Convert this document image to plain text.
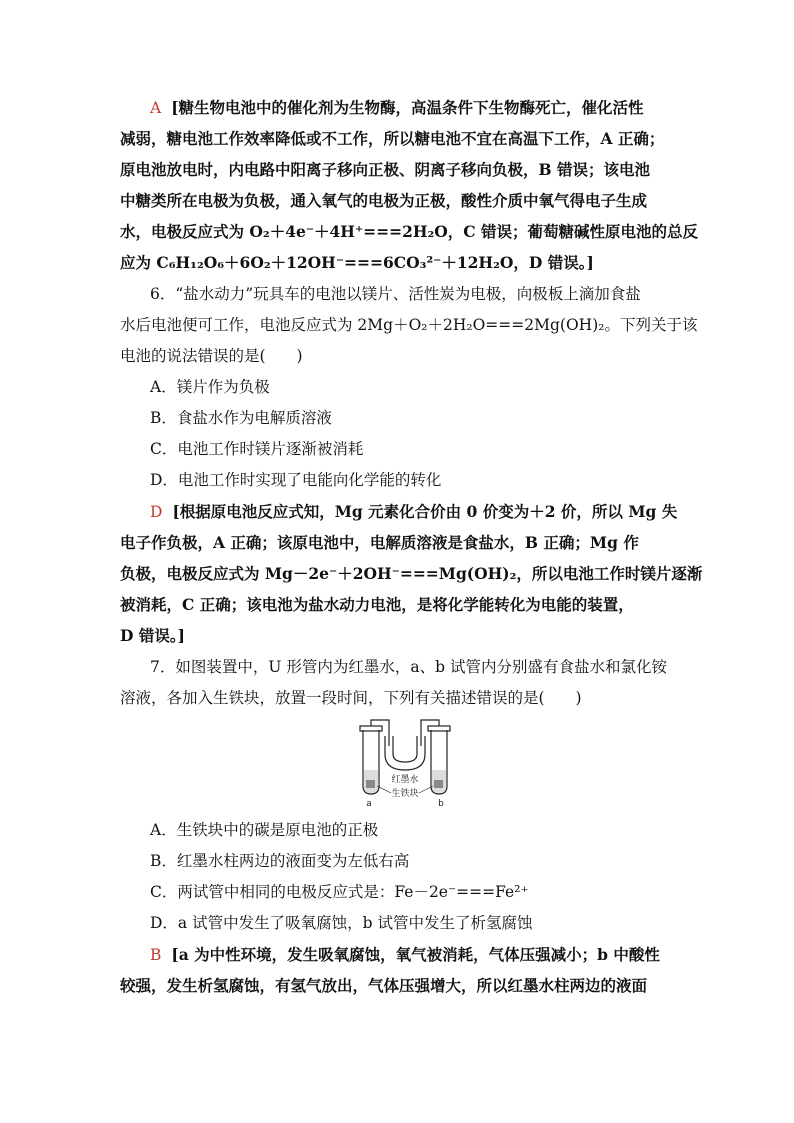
A [糖生物电池中的催化剂为生物酶，高温条件下生物酶死亡，催化活性
减弱，糖电池工作效率降低或不工作，所以糖电池不宜在高温下工作，A 正确；
原电池放电时，内电路中阳离子移向正极、阴离子移向负极，B 错误；该电池
中糖类所在电极为负极，通入氧气的电极为正极，酸性介质中氧气得电子生成
水，电极反应式为 O₂＋4e⁻＋4H⁺===2H₂O，C 错误；葡萄糖碱性原电池的总反
应为 C₆H₁₂O₆＋6O₂＋12OH⁻===6CO₃²⁻＋12H₂O，D 错误。]
6．“盐水动力”玩具车的电池以镁片、活性炭为电极，向极板上滴加食盐
水后电池便可工作，电池反应式为 2Mg＋O₂＋2H₂O===2Mg(OH)₂。下列关于该
电池的说法错误的是(　　)
A．镁片作为负极
B．食盐水作为电解质溶液
C．电池工作时镁片逐渐被消耗
D．电池工作时实现了电能向化学能的转化
D [根据原电池反应式知，Mg 元素化合价由 0 价变为＋2 价，所以 Mg 失
电子作负极，A 正确；该原电池中，电解质溶液是食盐水，B 正确；Mg 作
负极，电极反应式为 Mg－2e⁻＋2OH⁻===Mg(OH)₂，所以电池工作时镁片逐渐
被消耗，C 正确；该电池为盐水动力电池，是将化学能转化为电能的装置，
D 错误。]
7．如图装置中，U 形管内为红墨水，a、b 试管内分别盛有食盐水和氯化铵
溶液，各加入生铁块，放置一段时间，下列有关描述错误的是(　　)
红墨水
生铁块
a	b
A．生铁块中的碳是原电池的正极
B．红墨水柱两边的液面变为左低右高
C．两试管中相同的电极反应式是：Fe－2e⁻===Fe²⁺
D．a 试管中发生了吸氧腐蚀，b 试管中发生了析氢腐蚀
B [a 为中性环境，发生吸氧腐蚀，氧气被消耗，气体压强减小；b 中酸性
较强，发生析氢腐蚀，有氢气放出，气体压强增大，所以红墨水柱两边的液面
